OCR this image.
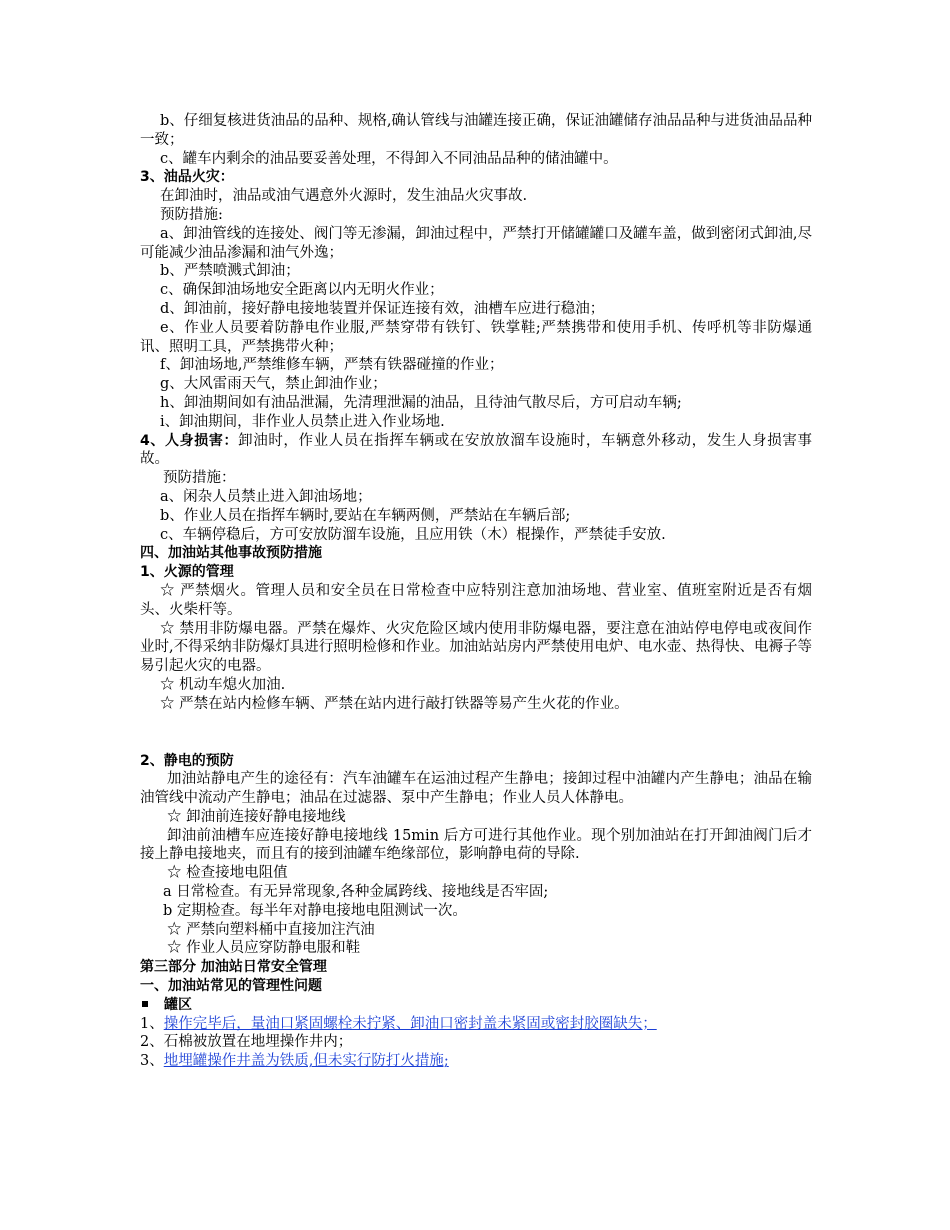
b、仔细复核进货油品的品种、规格,确认管线与油罐连接正确，保证油罐储存油品品种与进货油品品种一致；
c、罐车内剩余的油品要妥善处理，不得卸入不同油品品种的储油罐中。
3、油品火灾：
在卸油时，油品或油气遇意外火源时，发生油品火灾事故.
预防措施:
a、卸油管线的连接处、阀门等无渗漏，卸油过程中，严禁打开储罐罐口及罐车盖，做到密闭式卸油,尽可能减少油品渗漏和油气外逸；
b、严禁喷溅式卸油；
c、确保卸油场地安全距离以内无明火作业；
d、卸油前，接好静电接地装置并保证连接有效，油槽车应进行稳油；
e、作业人员要着防静电作业服,严禁穿带有铁钉、铁掌鞋;严禁携带和使用手机、传呼机等非防爆通讯、照明工具，严禁携带火种；
f、卸油场地,严禁维修车辆，严禁有铁器碰撞的作业；
g、大风雷雨天气，禁止卸油作业；
h、卸油期间如有油品泄漏，先清理泄漏的油品，且待油气散尽后，方可启动车辆;
i、卸油期间，非作业人员禁止进入作业场地.
4、人身损害：卸油时，作业人员在指挥车辆或在安放放溜车设施时，车辆意外移动，发生人身损害事故。
预防措施：
a、闲杂人员禁止进入卸油场地；
b、作业人员在指挥车辆时,要站在车辆两侧，严禁站在车辆后部;
c、车辆停稳后，方可安放防溜车设施，且应用铁（木）棍操作，严禁徒手安放.
四、加油站其他事故预防措施
1、火源的管理
☆ 严禁烟火。管理人员和安全员在日常检查中应特别注意加油场地、营业室、值班室附近是否有烟头、火柴杆等。
☆ 禁用非防爆电器。严禁在爆炸、火灾危险区域内使用非防爆电器，要注意在油站停电停电或夜间作业时,不得采纳非防爆灯具进行照明检修和作业。加油站站房内严禁使用电炉、电水壶、热得快、电褥子等易引起火灾的电器。
☆ 机动车熄火加油.
☆ 严禁在站内检修车辆、严禁在站内进行敲打铁器等易产生火花的作业。
2、静电的预防
加油站静电产生的途径有：汽车油罐车在运油过程产生静电；接卸过程中油罐内产生静电；油品在输油管线中流动产生静电；油品在过滤器、泵中产生静电；作业人员人体静电。
☆ 卸油前连接好静电接地线
卸油前油槽车应连接好静电接地线 15min 后方可进行其他作业。现个别加油站在打开卸油阀门后才接上静电接地夹，而且有的接到油罐车绝缘部位，影响静电荷的导除.
☆ 检查接地电阻值
a 日常检查。有无异常现象,各种金属跨线、接地线是否牢固;
b 定期检查。每半年对静电接地电阻测试一次。
☆ 严禁向塑料桶中直接加注汽油
☆ 作业人员应穿防静电服和鞋
第三部分 加油站日常安全管理
一、加油站常见的管理性问题
罐区
1、操作完毕后，量油口紧固螺栓未拧紧、卸油口密封盖未紧固或密封胶圈缺失；
2、石棉被放置在地埋操作井内；
3、地埋罐操作井盖为铁质,但未实行防打火措施;
